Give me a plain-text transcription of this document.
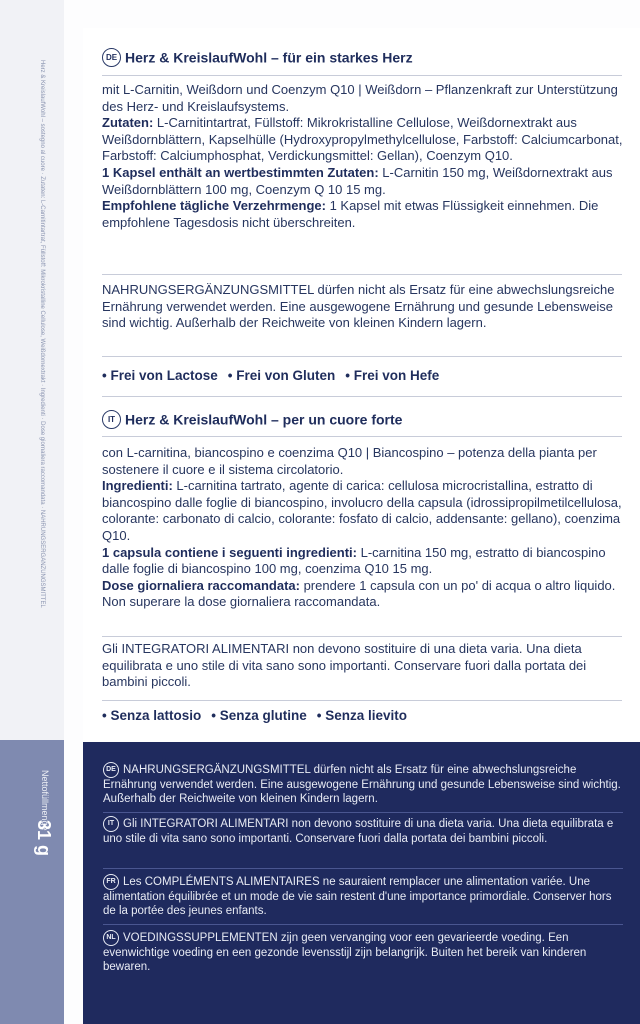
Herz & KreislaufWohl – sostegno al cuore · Zutaten: L-Carnitintartrat, Füllstoff: Mikrokristalline Cellulose, Weißdornextrakt · Ingredienti · Dose giornaliera raccomandata · NAHRUNGSERGÄNZUNGSMITTEL
Nettofüllmenge
DE Herz & KreislaufWohl – für ein starkes Herz

mit L-Carnitin, Weißdorn und Coenzym Q10 | Weißdorn – Pflanzenkraft zur Unterstützung des Herz- und Kreislaufsystems.

Zutaten: L-Carnitintartrat, Füllstoff: Mikrokristalline Cellulose, Weißdornextrakt aus Weißdornblättern, Kapselhülle (Hydroxypropylmethylcellulose, Farbstoff: Calciumcarbonat, Farbstoff: Calciumphosphat, Verdickungsmittel: Gellan), Coenzym Q10.

1 Kapsel enthält an wertbestimmten Zutaten: L-Carnitin 150 mg, Weißdornextrakt aus Weißdornblättern 100 mg, Coenzym Q 10 15 mg.

Empfohlene tägliche Verzehrmenge: 1 Kapsel mit etwas Flüssigkeit einnehmen. Die empfohlene Tagesdosis nicht überschreiten.

NAHRUNGSERGÄNZUNGSMITTEL dürfen nicht als Ersatz für eine abwechslungsreiche Ernährung verwendet werden. Eine ausgewogene Ernährung und gesunde Lebensweise sind wichtig. Außerhalb der Reichweite von kleinen Kindern lagern.
• Frei von Lactose • Frei von Gluten • Frei von Hefe
IT Herz & KreislaufWohl – per un cuore forte

con L-carnitina, biancospino e coenzima Q10 | Biancospino – potenza della pianta per sostenere il cuore e il sistema circolatorio.

Ingredienti: L-carnitina tartrato, agente di carica: cellulosa microcristallina, estratto di biancospino dalle foglie di biancospino, involucro della capsula (idrossipropilmetilcellulosa, colorante: carbonato di calcio, colorante: fosfato di calcio, addensante: gellano), coenzima Q10.

1 capsula contiene i seguenti ingredienti: L-carnitina 150 mg, estratto di biancospino dalle foglie di biancospino 100 mg, coenzima Q10 15 mg.

Dose giornaliera raccomandata: prendere 1 capsula con un po' di acqua o altro liquido. Non superare la dose giornaliera raccomandata.

Gli INTEGRATORI ALIMENTARI non devono sostituire di una dieta varia. Una dieta equilibrata e uno stile di vita sano sono importanti. Conservare fuori dalla portata dei bambini piccoli.
• Senza lattosio • Senza glutine • Senza lievito
DE NAHRUNGSERGÄNZUNGSMITTEL dürfen nicht als Ersatz für eine abwechslungsreiche Ernährung verwendet werden. Eine ausgewogene Ernährung und gesunde Lebensweise sind wichtig. Außerhalb der Reichweite von kleinen Kindern lagern.
IT Gli INTEGRATORI ALIMENTARI non devono sostituire di una dieta varia. Una dieta equilibrata e uno stile di vita sano sono importanti. Conservare fuori dalla portata dei bambini piccoli.
FR Les COMPLÉMENTS ALIMENTAIRES ne sauraient remplacer une alimentation variée. Une alimentation équilibrée et un mode de vie sain restent d'une importance primordiale. Conserver hors de la portée des jeunes enfants.
NL VOEDINGSSUPPLEMENTEN zijn geen vervanging voor een gevarieerde voeding. Een evenwichtige voeding en een gezonde levensstijl zijn belangrijk. Buiten het bereik van kinderen bewaren.
31 g
